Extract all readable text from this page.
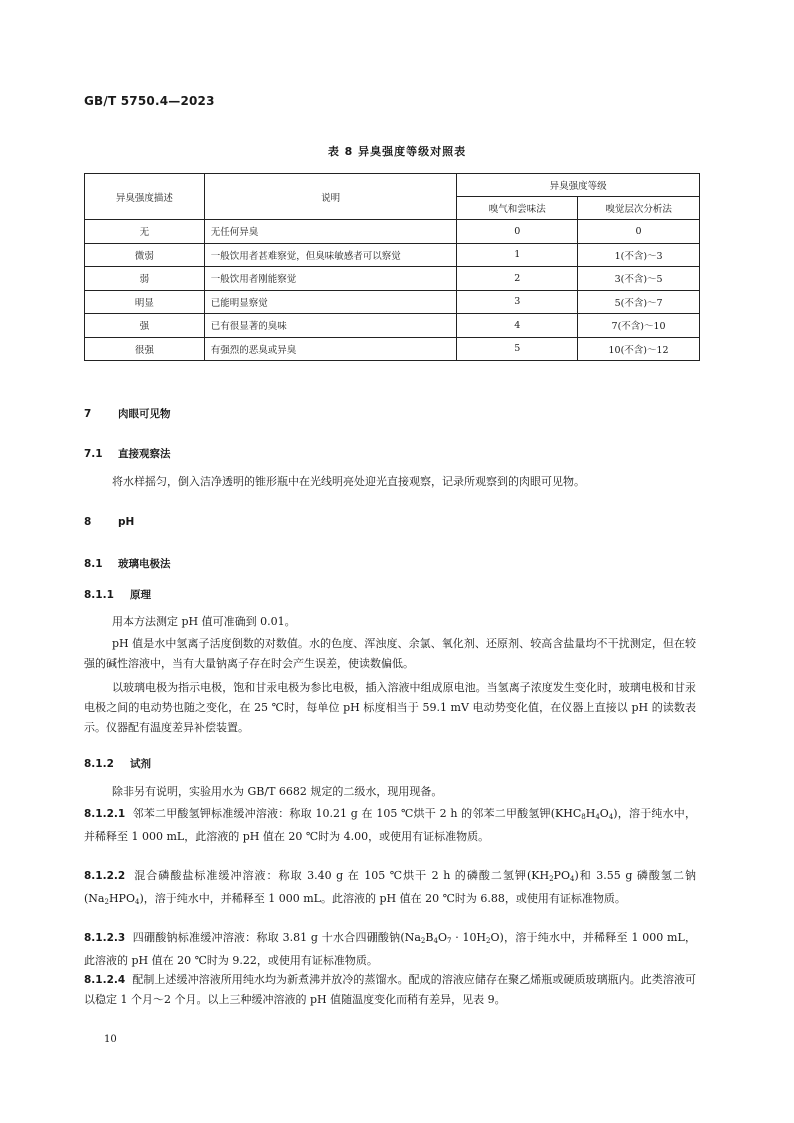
GB/T 5750.4—2023
表 8 异臭强度等级对照表
异臭强度描述	说明	异臭强度等级	
		嗅气和尝味法	嗅觉层次分析法
无	无任何异臭	0	0
微弱	一般饮用者甚难察觉，但臭味敏感者可以察觉	1	1(不含)～3
弱	一般饮用者刚能察觉	2	3(不含)～5
明显	已能明显察觉	3	5(不含)～7
强	已有很显著的臭味	4	7(不含)～10
很强	有强烈的恶臭或异臭	5	10(不含)～12
7	肉眼可见物
7.1 直接观察法
将水样摇匀，倒入洁净透明的锥形瓶中在光线明亮处迎光直接观察，记录所观察到的肉眼可见物。
8	pH
8.1 玻璃电极法
8.1.1 原理
用本方法测定 pH 值可准确到 0.01。
pH 值是水中氢离子活度倒数的对数值。水的色度、浑浊度、余氯、氧化剂、还原剂、较高含盐量均不干扰测定，但在较强的碱性溶液中，当有大量钠离子存在时会产生误差，使读数偏低。
以玻璃电极为指示电极，饱和甘汞电极为参比电极，插入溶液中组成原电池。当氢离子浓度发生变化时，玻璃电极和甘汞电极之间的电动势也随之变化，在 25 ℃时，每单位 pH 标度相当于 59.1 mV 电动势变化值，在仪器上直接以 pH 的读数表示。仪器配有温度差异补偿装置。
8.1.2 试剂
除非另有说明，实验用水为 GB/T 6682 规定的二级水，现用现备。
8.1.2.1 邻苯二甲酸氢钾标准缓冲溶液：称取 10.21 g 在 105 ℃烘干 2 h 的邻苯二甲酸氢钾$(KHC_8H_4O_4)$，溶于纯水中，并稀释至 1 000 mL，此溶液的 pH 值在 20 ℃时为 4.00，或使用有证标准物质。
8.1.2.2 混合磷酸盐标准缓冲溶液：称取 3.40 g 在 105 ℃烘干 2 h 的磷酸二氢钾$(KH_2PO_4)$和 3.55 g 磷酸氢二钠$(Na_2HPO_4)$，溶于纯水中，并稀释至 1 000 mL。此溶液的 pH 值在 20 ℃时为 6.88，或使用有证标准物质。
8.1.2.3 四硼酸钠标准缓冲溶液：称取 3.81 g 十水合四硼酸钠$(Na_2B_4O_7 \cdot 10H_2O)$，溶于纯水中，并稀释至 1 000 mL，此溶液的 pH 值在 20 ℃时为 9.22，或使用有证标准物质。
8.1.2.4 配制上述缓冲溶液所用纯水均为新煮沸并放冷的蒸馏水。配成的溶液应储存在聚乙烯瓶或硬质玻璃瓶内。此类溶液可以稳定 1 个月～2 个月。以上三种缓冲溶液的 pH 值随温度变化而稍有差异，见表 9。
10
